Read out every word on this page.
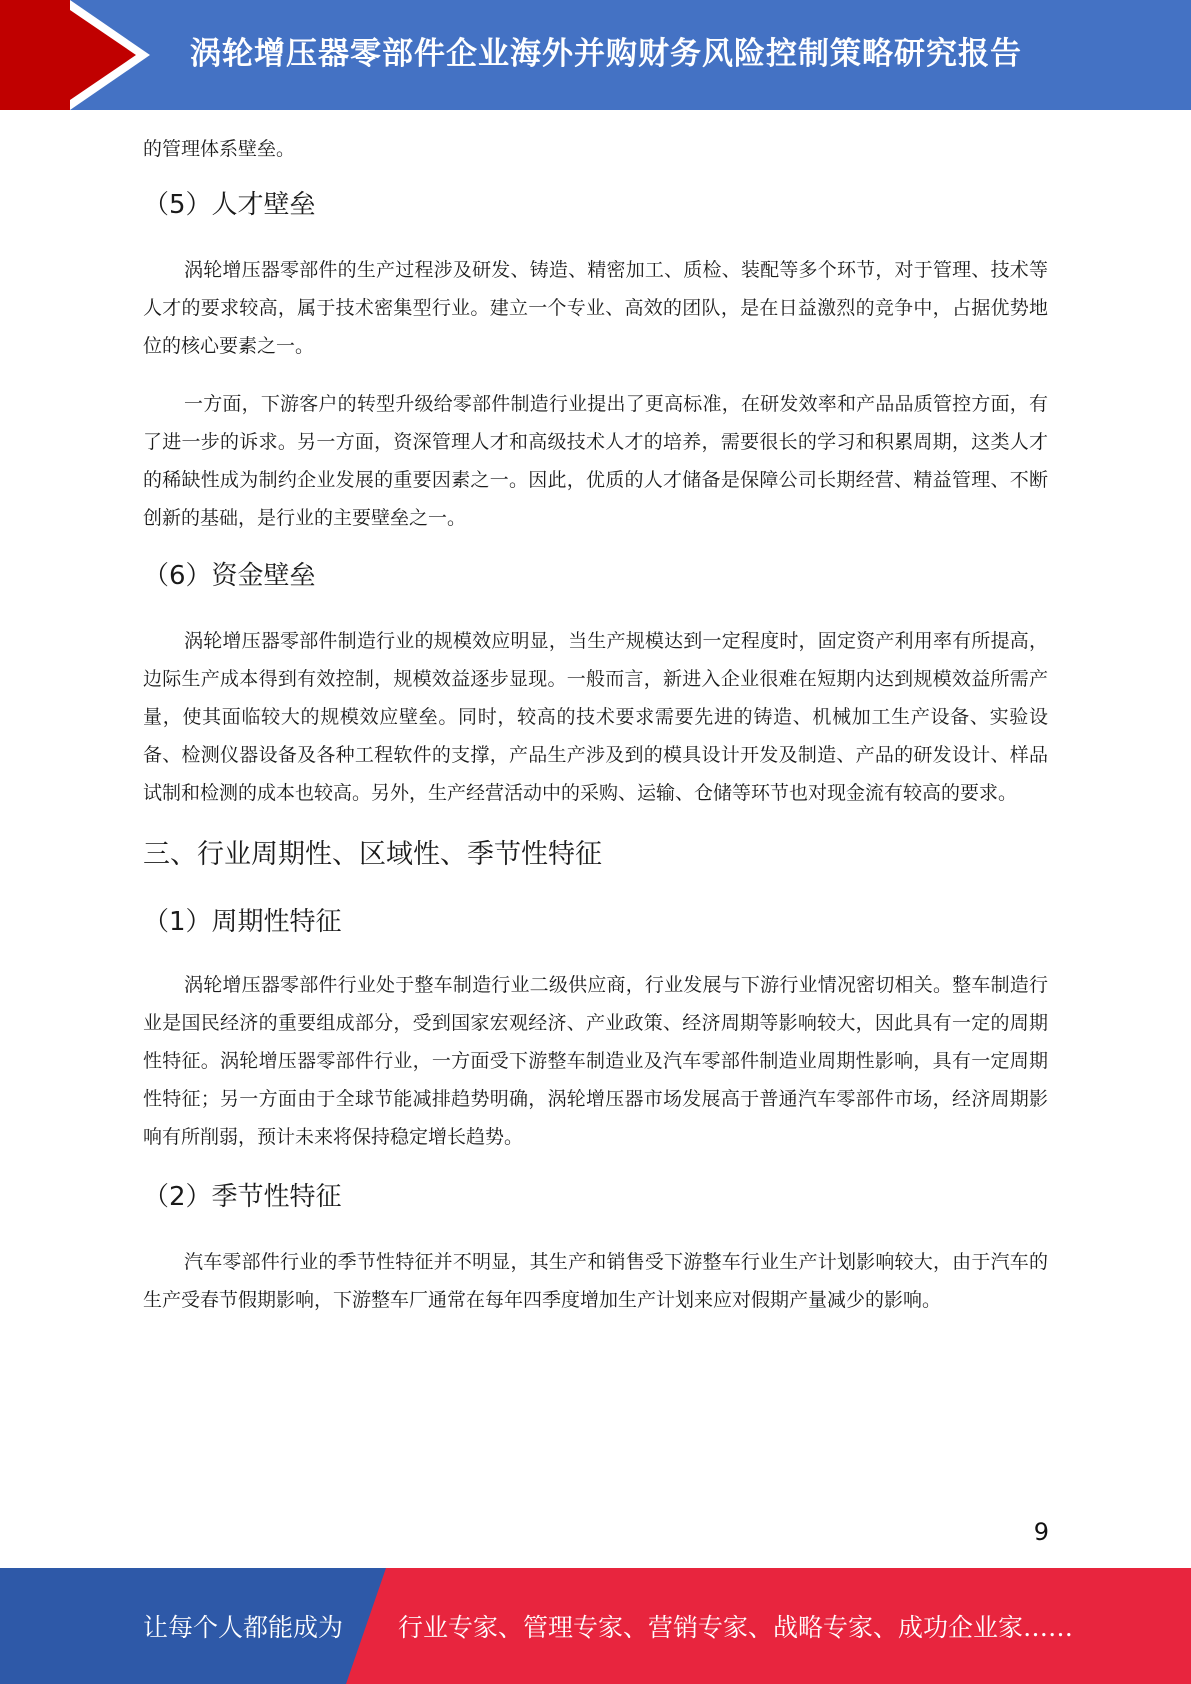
涡轮增压器零部件企业海外并购财务风险控制策略研究报告

的管理体系壁垒。

（5）人才壁垒

涡轮增压器零部件的生产过程涉及研发、铸造、精密加工、质检、装配等多个环节，对于管理、技术等人才的要求较高，属于技术密集型行业。建立一个专业、高效的团队，是在日益激烈的竞争中，占据优势地位的核心要素之一。

一方面，下游客户的转型升级给零部件制造行业提出了更高标准，在研发效率和产品品质管控方面，有了进一步的诉求。另一方面，资深管理人才和高级技术人才的培养，需要很长的学习和积累周期，这类人才的稀缺性成为制约企业发展的重要因素之一。因此，优质的人才储备是保障公司长期经营、精益管理、不断创新的基础，是行业的主要壁垒之一。

（6）资金壁垒

涡轮增压器零部件制造行业的规模效应明显，当生产规模达到一定程度时，固定资产利用率有所提高，边际生产成本得到有效控制，规模效益逐步显现。一般而言，新进入企业很难在短期内达到规模效益所需产量，使其面临较大的规模效应壁垒。同时，较高的技术要求需要先进的铸造、机械加工生产设备、实验设备、检测仪器设备及各种工程软件的支撑，产品生产涉及到的模具设计开发及制造、产品的研发设计、样品试制和检测的成本也较高。另外，生产经营活动中的采购、运输、仓储等环节也对现金流有较高的要求。

三、行业周期性、区域性、季节性特征
（1）周期性特征

涡轮增压器零部件行业处于整车制造行业二级供应商，行业发展与下游行业情况密切相关。整车制造行业是国民经济的重要组成部分，受到国家宏观经济、产业政策、经济周期等影响较大，因此具有一定的周期性特征。涡轮增压器零部件行业，一方面受下游整车制造业及汽车零部件制造业周期性影响，具有一定周期性特征；另一方面由于全球节能减排趋势明确，涡轮增压器市场发展高于普通汽车零部件市场，经济周期影响有所削弱，预计未来将保持稳定增长趋势。

（2）季节性特征

汽车零部件行业的季节性特征并不明显，其生产和销售受下游整车行业生产计划影响较大，由于汽车的生产受春节假期影响，下游整车厂通常在每年四季度增加生产计划来应对假期产量减少的影响。

9
让每个人都能成为 行业专家、管理专家、营销专家、战略专家、成功企业家……
